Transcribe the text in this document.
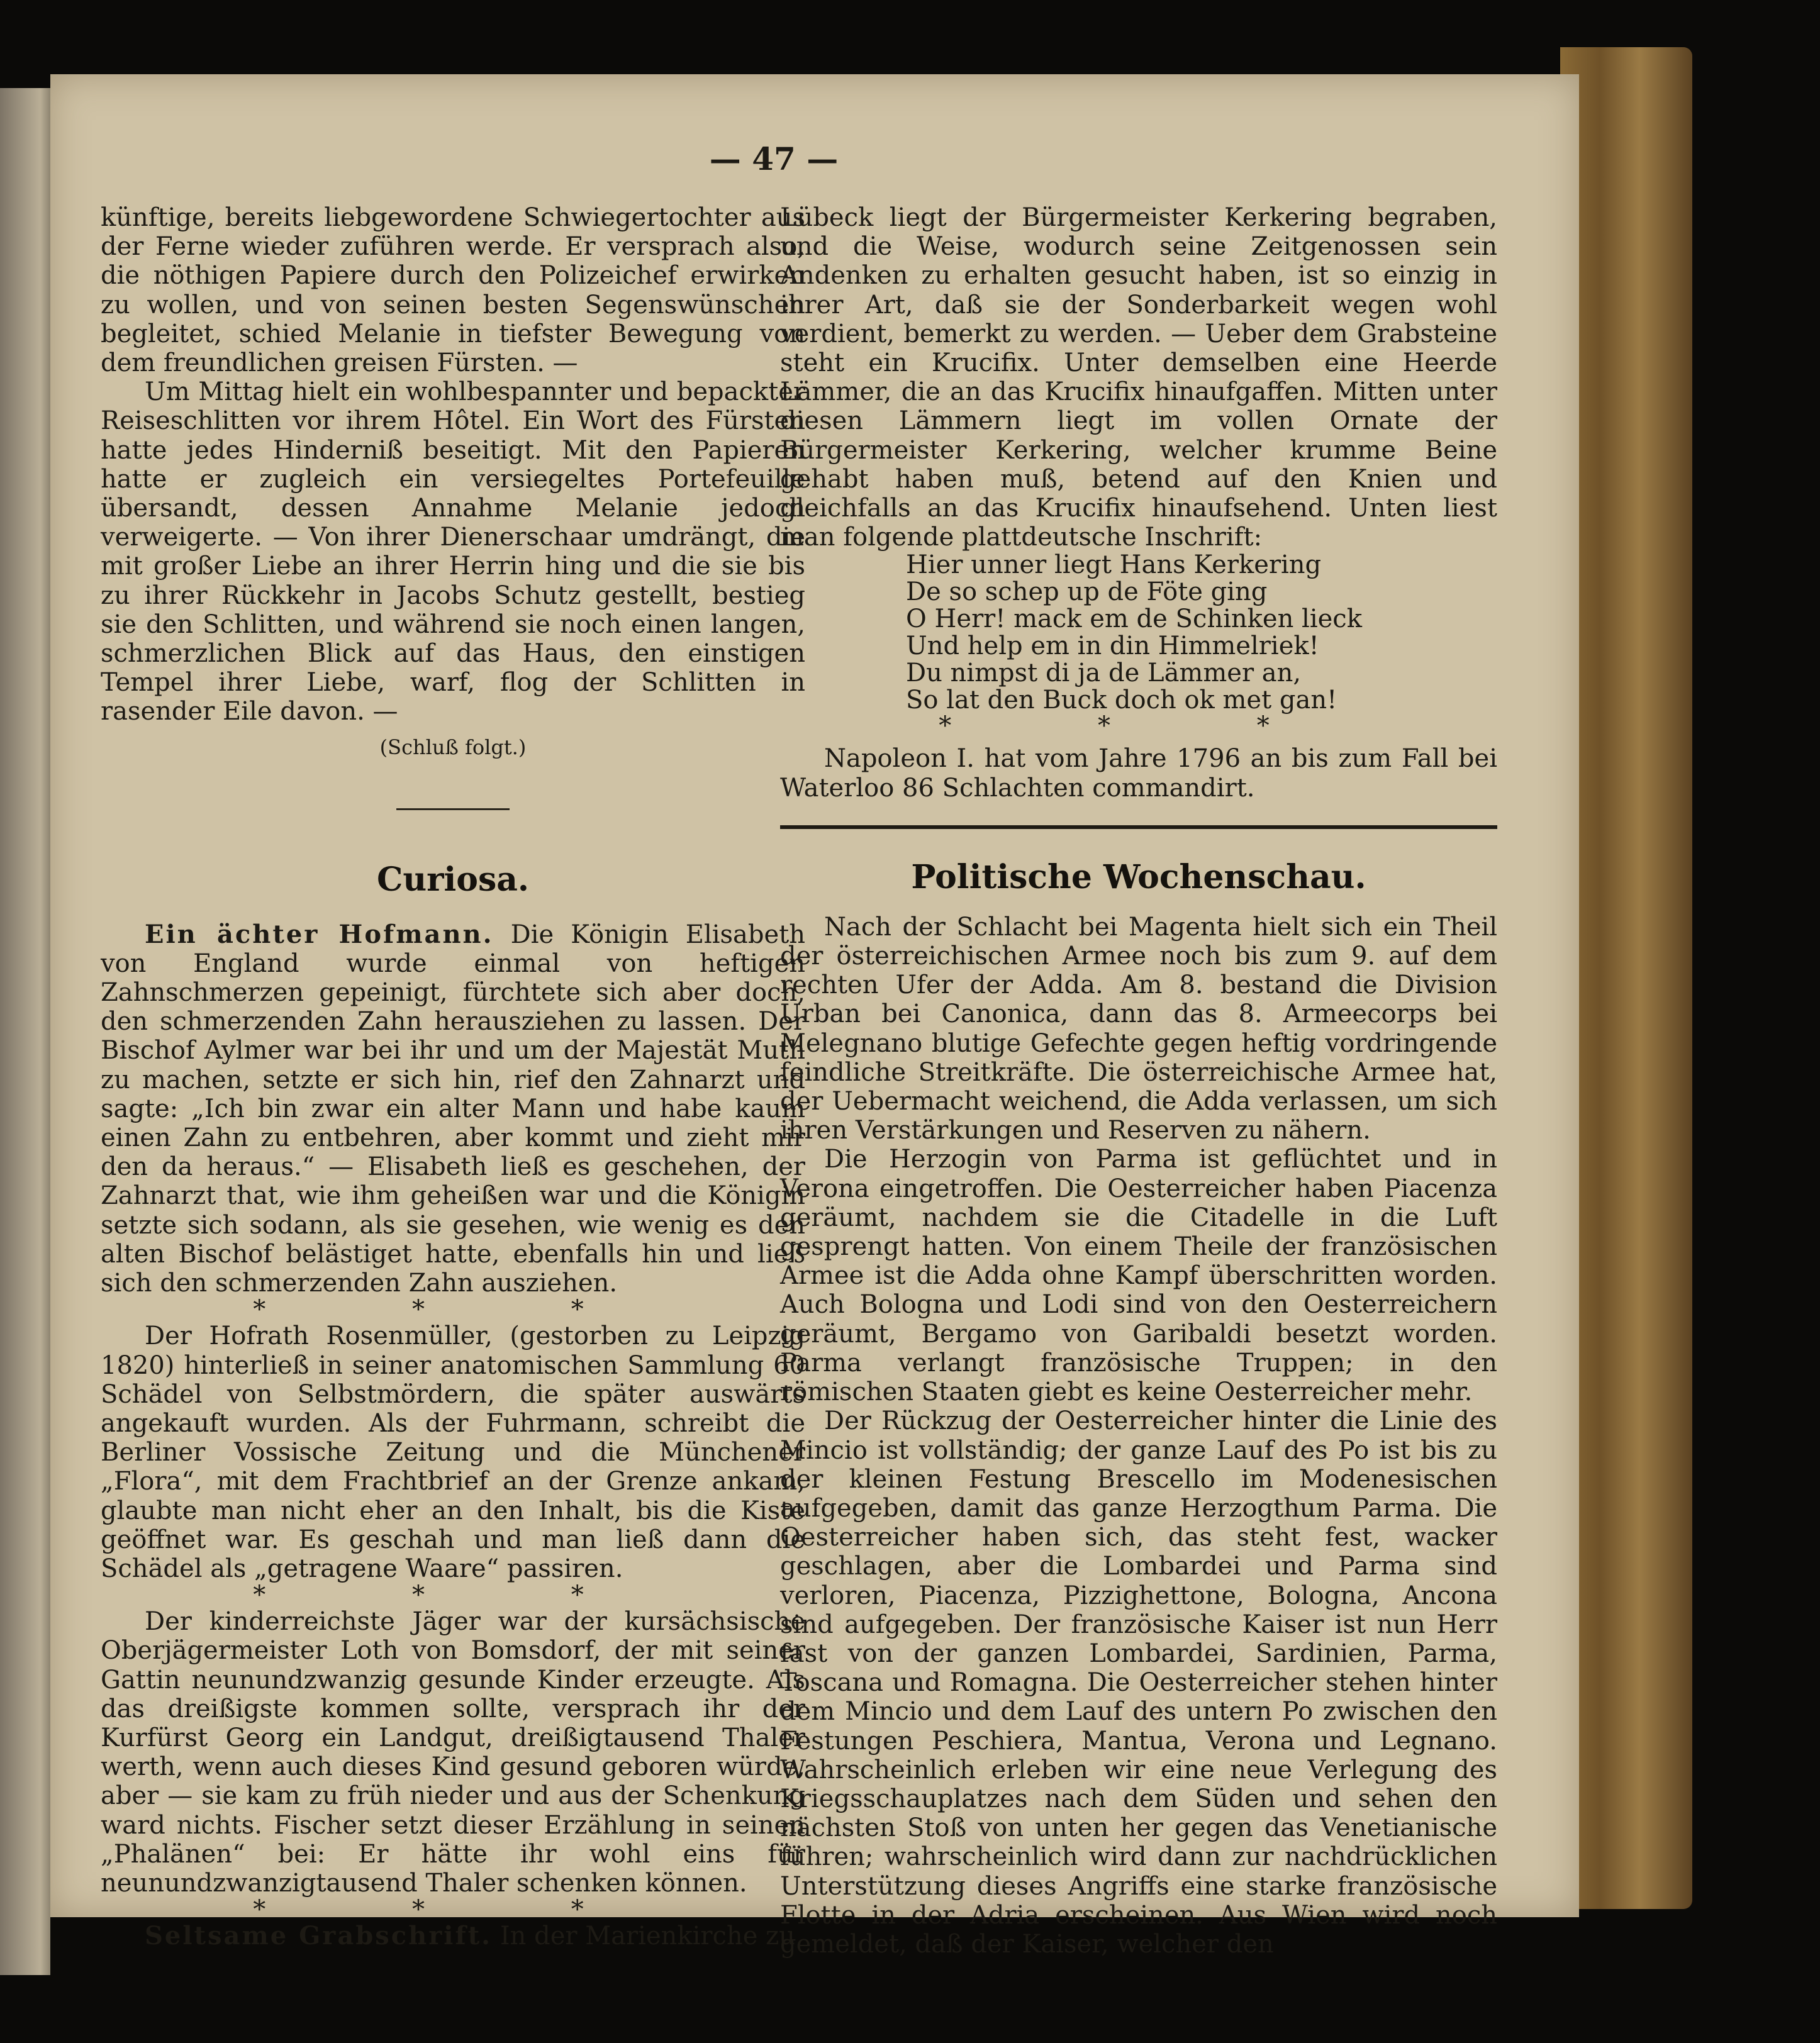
— 47 —

künftige, bereits liebgewordene Schwiegertochter aus der Ferne wieder zuführen werde. Er versprach also, die nöthigen Papiere durch den Polizeichef erwirken zu wollen, und von seinen besten Segenswünschen begleitet, schied Melanie in tiefster Bewegung von dem freundlichen greisen Fürsten. —

Um Mittag hielt ein wohlbespannter und bepackter Reiseschlitten vor ihrem Hôtel. Ein Wort des Fürsten hatte jedes Hinderniß beseitigt. Mit den Papieren hatte er zugleich ein versiegeltes Portefeuille übersandt, dessen Annahme Melanie jedoch verweigerte. — Von ihrer Dienerschaar umdrängt, die mit großer Liebe an ihrer Herrin hing und die sie bis zu ihrer Rückkehr in Jacobs Schutz gestellt, bestieg sie den Schlitten, und während sie noch einen langen, schmerzlichen Blick auf das Haus, den einstigen Tempel ihrer Liebe, warf, flog der Schlitten in rasender Eile davon. —

(Schluß folgt.)

Curiosa.

Ein ächter Hofmann. Die Königin Elisabeth von England wurde einmal von heftigen Zahnschmerzen gepeinigt, fürchtete sich aber doch, den schmerzenden Zahn herausziehen zu lassen. Der Bischof Aylmer war bei ihr und um der Majestät Muth zu machen, setzte er sich hin, rief den Zahnarzt und sagte: „Ich bin zwar ein alter Mann und habe kaum einen Zahn zu entbehren, aber kommt und zieht mir den da heraus.“ — Elisabeth ließ es geschehen, der Zahnarzt that, wie ihm geheißen war und die Königin setzte sich sodann, als sie gesehen, wie wenig es den alten Bischof belästiget hatte, ebenfalls hin und ließ sich den schmerzenden Zahn ausziehen.

* * *

Der Hofrath Rosenmüller, (gestorben zu Leipzig 1820) hinterließ in seiner anatomischen Sammlung 60 Schädel von Selbstmördern, die später auswärts angekauft wurden. Als der Fuhrmann, schreibt die Berliner Vossische Zeitung und die Münchener „Flora“, mit dem Frachtbrief an der Grenze ankam, glaubte man nicht eher an den Inhalt, bis die Kiste geöffnet war. Es geschah und man ließ dann die Schädel als „getragene Waare“ passiren.

* * *

Der kinderreichste Jäger war der kursächsische Oberjägermeister Loth von Bomsdorf, der mit seiner Gattin neunundzwanzig gesunde Kinder erzeugte. Als das dreißigste kommen sollte, versprach ihr der Kurfürst Georg ein Landgut, dreißigtausend Thaler werth, wenn auch dieses Kind gesund geboren würde, aber — sie kam zu früh nieder und aus der Schenkung ward nichts. Fischer setzt dieser Erzählung in seinen „Phalänen“ bei: Er hätte ihr wohl eins für neunundzwanzigtausend Thaler schenken können.

* * *

Seltsame Grabschrift. In der Marienkirche zu

Lübeck liegt der Bürgermeister Kerkering begraben, und die Weise, wodurch seine Zeitgenossen sein Andenken zu erhalten gesucht haben, ist so einzig in ihrer Art, daß sie der Sonderbarkeit wegen wohl verdient, bemerkt zu werden. — Ueber dem Grabsteine steht ein Krucifix. Unter demselben eine Heerde Lämmer, die an das Krucifix hinaufgaffen. Mitten unter diesen Lämmern liegt im vollen Ornate der Bürgermeister Kerkering, welcher krumme Beine gehabt haben muß, betend auf den Knien und gleichfalls an das Krucifix hinaufsehend. Unten liest man folgende plattdeutsche Inschrift:

Hier unner liegt Hans Kerkering

De so schep up de Föte ging

O Herr! mack em de Schinken lieck

Und help em in din Himmelriek!

Du nimpst di ja de Lämmer an,

So lat den Buck doch ok met gan!

* * *

Napoleon I. hat vom Jahre 1796 an bis zum Fall bei Waterloo 86 Schlachten commandirt.

Politische Wochenschau.

Nach der Schlacht bei Magenta hielt sich ein Theil der österreichischen Armee noch bis zum 9. auf dem rechten Ufer der Adda. Am 8. bestand die Division Urban bei Canonica, dann das 8. Armeecorps bei Melegnano blutige Gefechte gegen heftig vordringende feindliche Streitkräfte. Die österreichische Armee hat, der Uebermacht weichend, die Adda verlassen, um sich ihren Verstärkungen und Reserven zu nähern.

Die Herzogin von Parma ist geflüchtet und in Verona eingetroffen. Die Oesterreicher haben Piacenza geräumt, nachdem sie die Citadelle in die Luft gesprengt hatten. Von einem Theile der französischen Armee ist die Adda ohne Kampf überschritten worden. Auch Bologna und Lodi sind von den Oesterreichern geräumt, Bergamo von Garibaldi besetzt worden. Parma verlangt französische Truppen; in den römischen Staaten giebt es keine Oesterreicher mehr.

Der Rückzug der Oesterreicher hinter die Linie des Mincio ist vollständig; der ganze Lauf des Po ist bis zu der kleinen Festung Brescello im Modenesischen aufgegeben, damit das ganze Herzogthum Parma. Die Oesterreicher haben sich, das steht fest, wacker geschlagen, aber die Lombardei und Parma sind verloren, Piacenza, Pizzighettone, Bologna, Ancona sind aufgegeben. Der französische Kaiser ist nun Herr fast von der ganzen Lombardei, Sardinien, Parma, Toscana und Romagna. Die Oesterreicher stehen hinter dem Mincio und dem Lauf des untern Po zwischen den Festungen Peschiera, Mantua, Verona und Legnano. Wahrscheinlich erleben wir eine neue Verlegung des Kriegsschauplatzes nach dem Süden und sehen den nächsten Stoß von unten her gegen das Venetianische führen; wahrscheinlich wird dann zur nachdrücklichen Unterstützung dieses Angriffs eine starke französische Flotte in der Adria erscheinen. Aus Wien wird noch gemeldet, daß der Kaiser, welcher den
